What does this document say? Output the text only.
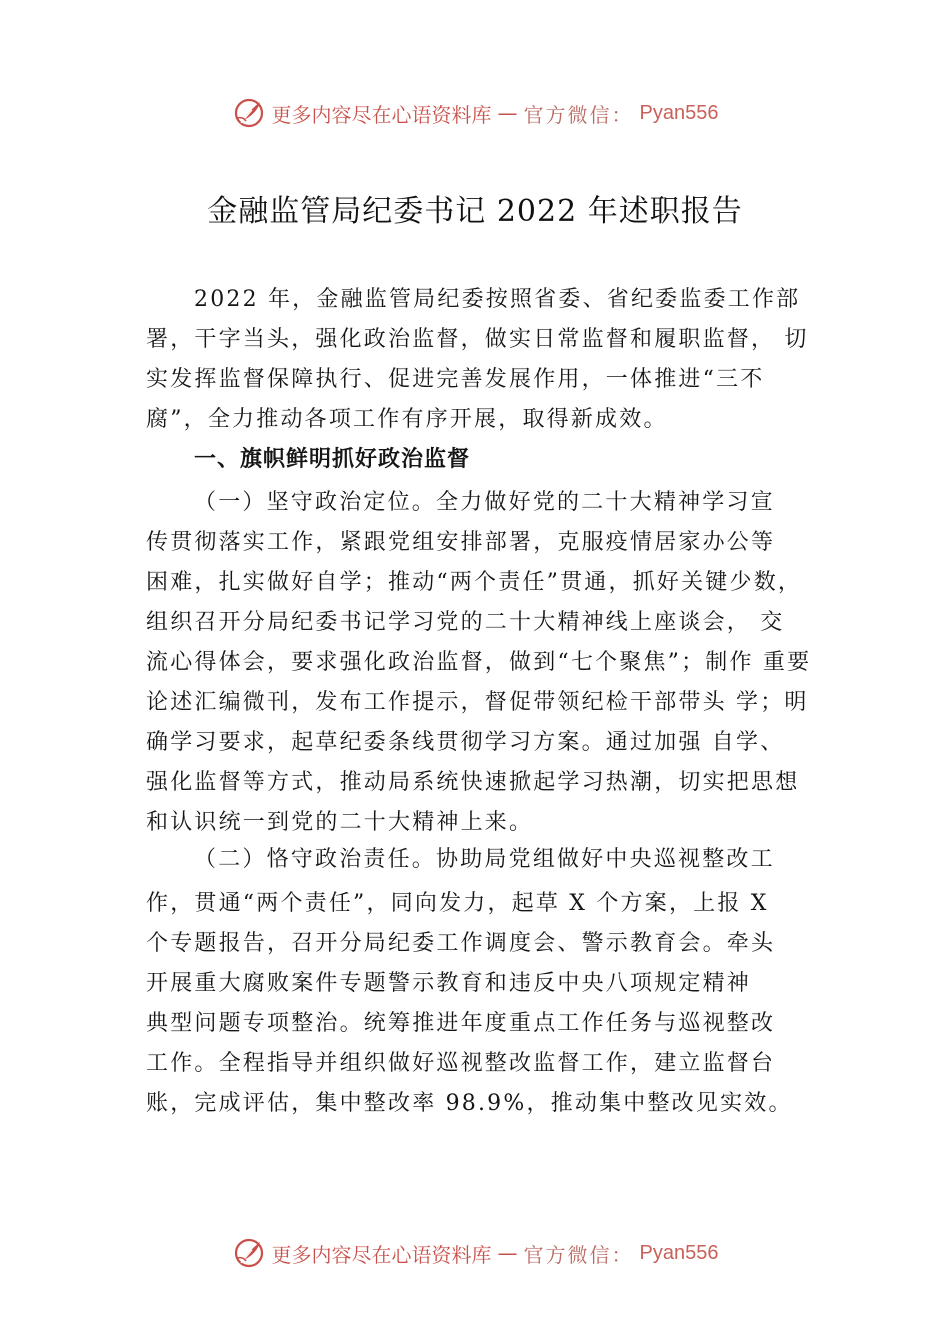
更多内容尽在心语资料库 — 官方微信： Pyan556
金融监管局纪委书记 2022 年述职报告
2022 年，金融监管局纪委按照省委、省纪委监委工作部
署，干字当头，强化政治监督，做实日常监督和履职监督， 切
实发挥监督保障执行、促进完善发展作用，一体推进“三不
腐”，全力推动各项工作有序开展，取得新成效。
一、旗帜鲜明抓好政治监督
（一）坚守政治定位。全力做好党的二十大精神学习宣
传贯彻落实工作，紧跟党组安排部署，克服疫情居家办公等
困难，扎实做好自学；推动“两个责任”贯通，抓好关键少数，
组织召开分局纪委书记学习党的二十大精神线上座谈会， 交
流心得体会，要求强化政治监督，做到“七个聚焦”；制作 重要
论述汇编微刊，发布工作提示，督促带领纪检干部带头 学；明
确学习要求，起草纪委条线贯彻学习方案。通过加强 自学、
强化监督等方式，推动局系统快速掀起学习热潮，切实把思想
和认识统一到党的二十大精神上来。
（二）恪守政治责任。协助局党组做好中央巡视整改工
作，贯通“两个责任”，同向发力，起草 X 个方案，上报 X
个专题报告，召开分局纪委工作调度会、警示教育会。牵头
开展重大腐败案件专题警示教育和违反中央八项规定精神
典型问题专项整治。统筹推进年度重点工作任务与巡视整改
工作。全程指导并组织做好巡视整改监督工作，建立监督台
账，完成评估，集中整改率 98.9%，推动集中整改见实效。
更多内容尽在心语资料库 — 官方微信： Pyan556
